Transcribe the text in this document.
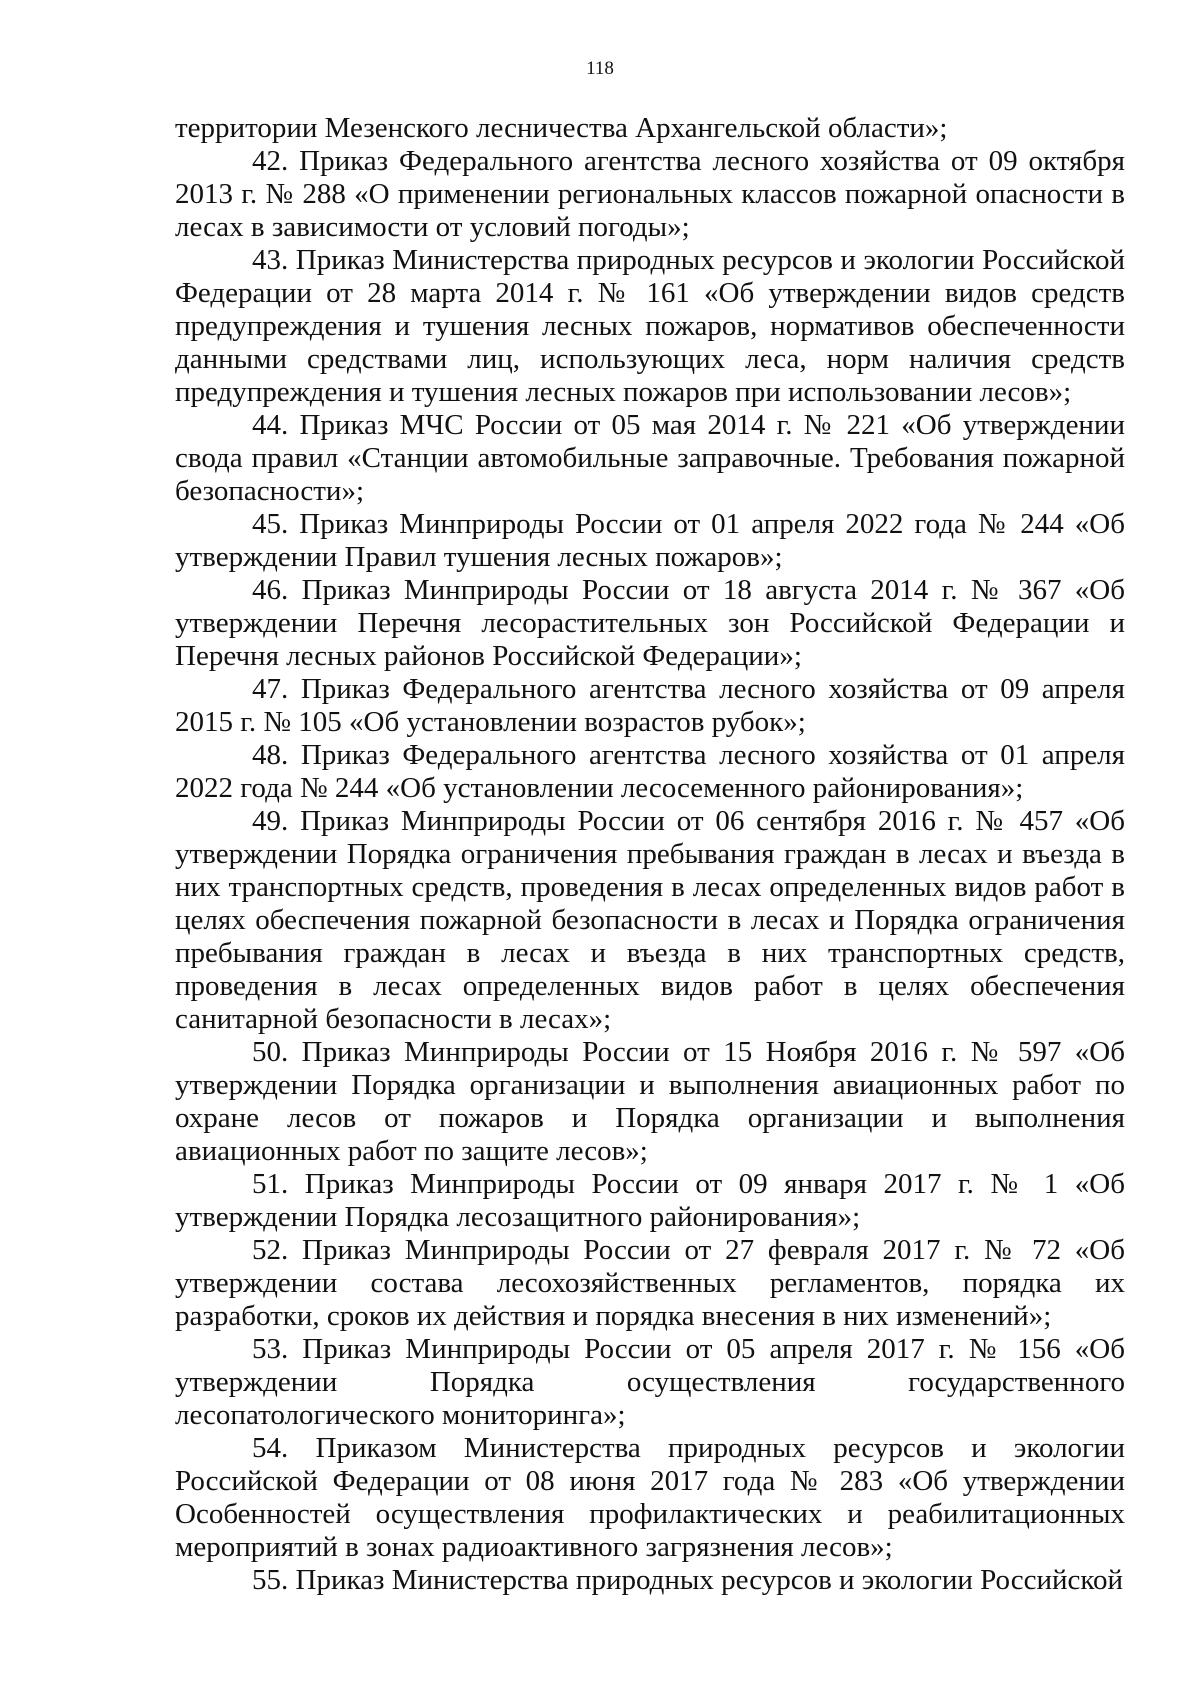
118

территории Мезенского лесничества Архангельской области»;

42. Приказ Федерального агентства лесного хозяйства от 09 октября 2013 г. № 288 «О применении региональных классов пожарной опасности в лесах в зависимости от условий погоды»;

43. Приказ Министерства природных ресурсов и экологии Российской Федерации от 28 марта 2014 г. № 161 «Об утверждении видов средств предупреждения и тушения лесных пожаров, нормативов обеспеченности данными средствами лиц, использующих леса, норм наличия средств предупреждения и тушения лесных пожаров при использовании лесов»;

44. Приказ МЧС России от 05 мая 2014 г. № 221 «Об утверждении свода правил «Станции автомобильные заправочные. Требования пожарной безопасности»;

45. Приказ Минприроды России от 01 апреля 2022 года № 244 «Об утверждении Правил тушения лесных пожаров»;

46. Приказ Минприроды России от 18 августа 2014 г. № 367 «Об утверждении Перечня лесорастительных зон Российской Федерации и Перечня лесных районов Российской Федерации»;

47. Приказ Федерального агентства лесного хозяйства от 09 апреля 2015 г. № 105 «Об установлении возрастов рубок»;

48. Приказ Федерального агентства лесного хозяйства от 01 апреля 2022 года № 244 «Об установлении лесосеменного районирования»;

49. Приказ Минприроды России от 06 сентября 2016 г. № 457 «Об утверждении Порядка ограничения пребывания граждан в лесах и въезда в них транспортных средств, проведения в лесах определенных видов работ в целях обеспечения пожарной безопасности в лесах и Порядка ограничения пребывания граждан в лесах и въезда в них транспортных средств, проведения в лесах определенных видов работ в целях обеспечения санитарной безопасности в лесах»;

50. Приказ Минприроды России от 15 Ноября 2016 г. № 597 «Об утверждении Порядка организации и выполнения авиационных работ по охране лесов от пожаров и Порядка организации и выполнения авиационных работ по защите лесов»;

51. Приказ Минприроды России от 09 января 2017 г. № 1 «Об утверждении Порядка лесозащитного районирования»;

52. Приказ Минприроды России от 27 февраля 2017 г. № 72 «Об утверждении состава лесохозяйственных регламентов, порядка их разработки, сроков их действия и порядка внесения в них изменений»;

53. Приказ Минприроды России от 05 апреля 2017 г. № 156 «Об утверждении Порядка осуществления государственного лесопатологического мониторинга»;

54. Приказом Министерства природных ресурсов и экологии Российской Федерации от 08 июня 2017 года № 283 «Об утверждении Особенностей осуществления профилактических и реабилитационных мероприятий в зонах радиоактивного загрязнения лесов»;

55. Приказ Министерства природных ресурсов и экологии Российской
